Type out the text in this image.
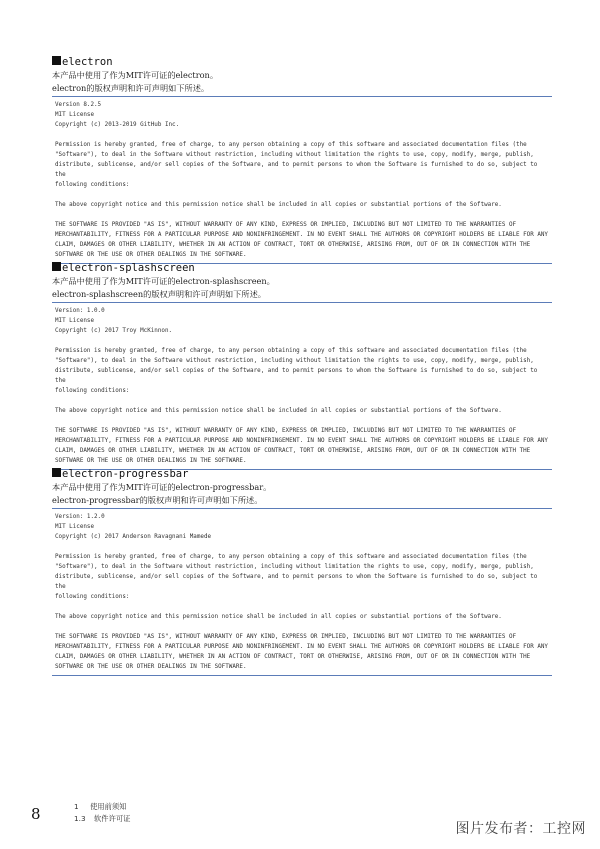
electron

本产品中使用了作为MIT许可证的electron。

electron的版权声明和许可声明如下所述。

Version 8.2.5

MIT License

Copyright (c) 2013-2019 GitHub Inc.

Permission is hereby granted, free of charge, to any person obtaining a copy of this software and associated documentation files (the

"Software"), to deal in the Software without restriction, including without limitation the rights to use, copy, modify, merge, publish,

distribute, sublicense, and/or sell copies of the Software, and to permit persons to whom the Software is furnished to do so, subject to the

following conditions:

The above copyright notice and this permission notice shall be included in all copies or substantial portions of the Software.

THE SOFTWARE IS PROVIDED "AS IS", WITHOUT WARRANTY OF ANY KIND, EXPRESS OR IMPLIED, INCLUDING BUT NOT LIMITED TO THE WARRANTIES OF

MERCHANTABILITY, FITNESS FOR A PARTICULAR PURPOSE AND NONINFRINGEMENT. IN NO EVENT SHALL THE AUTHORS OR COPYRIGHT HOLDERS BE LIABLE FOR ANY

CLAIM, DAMAGES OR OTHER LIABILITY, WHETHER IN AN ACTION OF CONTRACT, TORT OR OTHERWISE, ARISING FROM, OUT OF OR IN CONNECTION WITH THE

SOFTWARE OR THE USE OR OTHER DEALINGS IN THE SOFTWARE.

electron-splashscreen

本产品中使用了作为MIT许可证的electron-splashscreen。

electron-splashscreen的版权声明和许可声明如下所述。

Version: 1.0.0

MIT License

Copyright (c) 2017 Troy McKinnon.

Permission is hereby granted, free of charge, to any person obtaining a copy of this software and associated documentation files (the

"Software"), to deal in the Software without restriction, including without limitation the rights to use, copy, modify, merge, publish,

distribute, sublicense, and/or sell copies of the Software, and to permit persons to whom the Software is furnished to do so, subject to the

following conditions:

The above copyright notice and this permission notice shall be included in all copies or substantial portions of the Software.

THE SOFTWARE IS PROVIDED "AS IS", WITHOUT WARRANTY OF ANY KIND, EXPRESS OR IMPLIED, INCLUDING BUT NOT LIMITED TO THE WARRANTIES OF

MERCHANTABILITY, FITNESS FOR A PARTICULAR PURPOSE AND NONINFRINGEMENT. IN NO EVENT SHALL THE AUTHORS OR COPYRIGHT HOLDERS BE LIABLE FOR ANY

CLAIM, DAMAGES OR OTHER LIABILITY, WHETHER IN AN ACTION OF CONTRACT, TORT OR OTHERWISE, ARISING FROM, OUT OF OR IN CONNECTION WITH THE

SOFTWARE OR THE USE OR OTHER DEALINGS IN THE SOFTWARE.

electron-progressbar

本产品中使用了作为MIT许可证的electron-progressbar。

electron-progressbar的版权声明和许可声明如下所述。

Version: 1.2.0

MIT License

Copyright (c) 2017 Anderson Ravagnani Mamede

Permission is hereby granted, free of charge, to any person obtaining a copy of this software and associated documentation files (the

"Software"), to deal in the Software without restriction, including without limitation the rights to use, copy, modify, merge, publish,

distribute, sublicense, and/or sell copies of the Software, and to permit persons to whom the Software is furnished to do so, subject to the

following conditions:

The above copyright notice and this permission notice shall be included in all copies or substantial portions of the Software.

THE SOFTWARE IS PROVIDED "AS IS", WITHOUT WARRANTY OF ANY KIND, EXPRESS OR IMPLIED, INCLUDING BUT NOT LIMITED TO THE WARRANTIES OF

MERCHANTABILITY, FITNESS FOR A PARTICULAR PURPOSE AND NONINFRINGEMENT. IN NO EVENT SHALL THE AUTHORS OR COPYRIGHT HOLDERS BE LIABLE FOR ANY

CLAIM, DAMAGES OR OTHER LIABILITY, WHETHER IN AN ACTION OF CONTRACT, TORT OR OTHERWISE, ARISING FROM, OUT OF OR IN CONNECTION WITH THE

SOFTWARE OR THE USE OR OTHER DEALINGS IN THE SOFTWARE.

8	1 使用前须知
1.3 软件许可证
图片发布者：工控网
